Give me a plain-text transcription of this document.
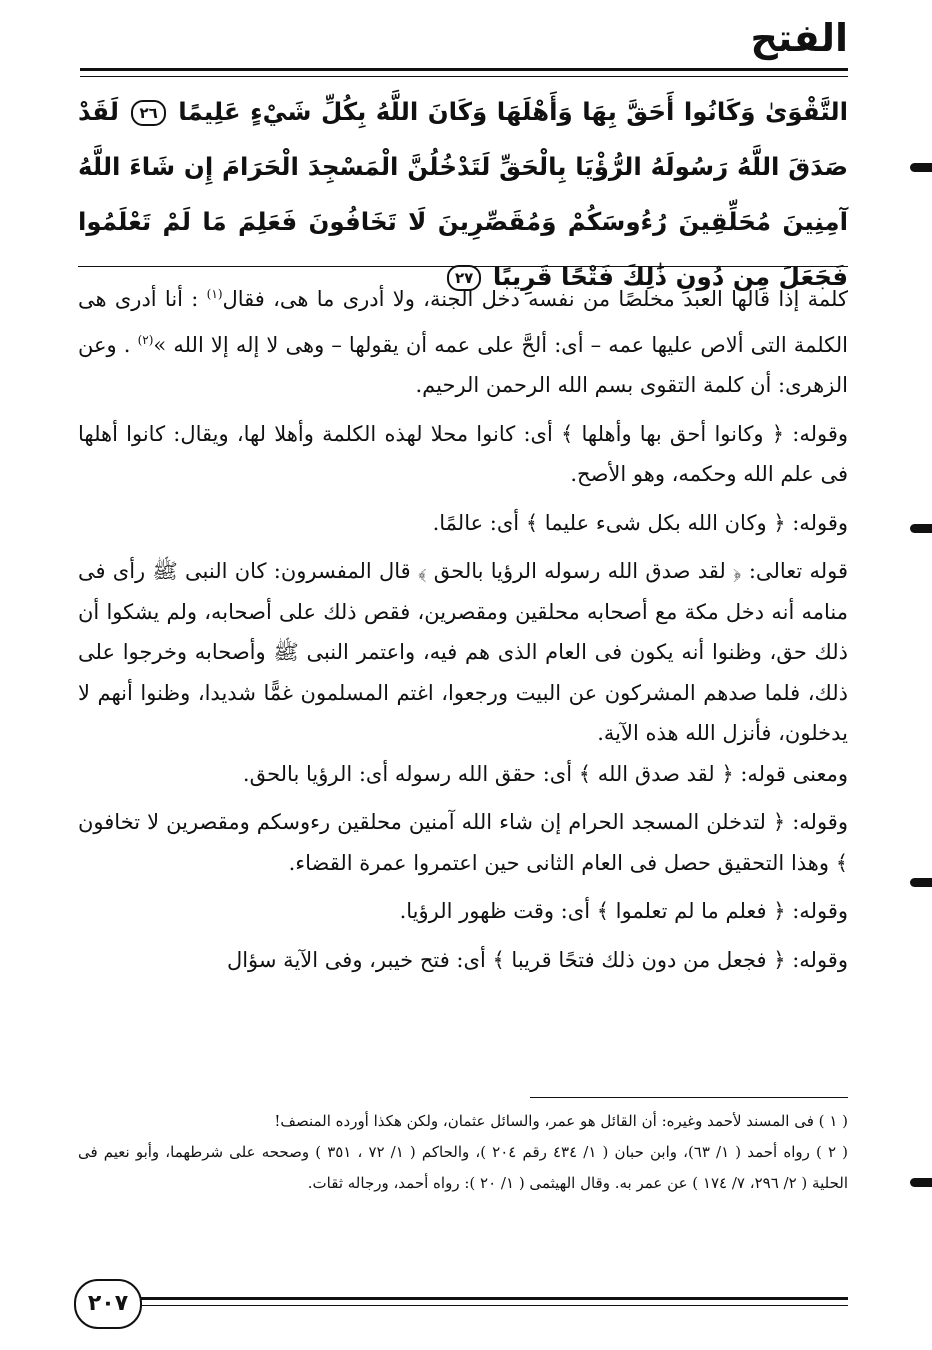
الفتح
التَّقْوَىٰ وَكَانُوا أَحَقَّ بِهَا وَأَهْلَهَا وَكَانَ اللَّهُ بِكُلِّ شَيْءٍ عَلِيمًا ٢٦ لَقَدْ صَدَقَ اللَّهُ رَسُولَهُ الرُّؤْيَا بِالْحَقِّ لَتَدْخُلُنَّ الْمَسْجِدَ الْحَرَامَ إِن شَاءَ اللَّهُ آمِنِينَ مُحَلِّقِينَ رُءُوسَكُمْ وَمُقَصِّرِينَ لَا تَخَافُونَ فَعَلِمَ مَا لَمْ تَعْلَمُوا فَجَعَلَ مِن دُونِ ذَٰلِكَ فَتْحًا قَرِيبًا ٢٧

كلمة إذا قالها العبد مخلصًا من نفسه دخل الجنة، ولا أدرى ما هى، فقال$^{(١)}$ : أنا أدرى هى الكلمة التى ألاص عليها عمه – أى: ألحَّ على عمه أن يقولها – وهى لا إله إلا الله »$^{(٢)}$ . وعن الزهرى: أن كلمة التقوى بسم الله الرحمن الرحيم.

وقوله: ﴿ وكانوا أحق بها وأهلها ﴾ أى: كانوا محلا لهذه الكلمة وأهلا لها، ويقال: كانوا أهلها فى علم الله وحكمه، وهو الأصح.

وقوله: ﴿ وكان الله بكل شىء عليما ﴾ أى: عالمًا.

قوله تعالى: ﴿ لقد صدق الله رسوله الرؤيا بالحق ﴾ قال المفسرون: كان النبى ﷺ رأى فى منامه أنه دخل مكة مع أصحابه محلقين ومقصرين، فقص ذلك على أصحابه، ولم يشكوا أن ذلك حق، وظنوا أنه يكون فى العام الذى هم فيه، واعتمر النبى ﷺ وأصحابه وخرجوا على ذلك، فلما صدهم المشركون عن البيت ورجعوا، اغتم المسلمون غمًّا شديدا، وظنوا أنهم لا يدخلون، فأنزل الله هذه الآية.

ومعنى قوله: ﴿ لقد صدق الله ﴾ أى: حقق الله رسوله أى: الرؤيا بالحق.

وقوله: ﴿ لتدخلن المسجد الحرام إن شاء الله آمنين محلقين رءوسكم ومقصرين لا تخافون ﴾ وهذا التحقيق حصل فى العام الثانى حين اعتمروا عمرة القضاء.

وقوله: ﴿ فعلم ما لم تعلموا ﴾ أى: وقت ظهور الرؤيا.

وقوله: ﴿ فجعل من دون ذلك فتحًا قريبا ﴾ أى: فتح خيبر، وفى الآية سؤال

( ١ ) فى المسند لأحمد وغيره: أن القائل هو عمر، والسائل عثمان، ولكن هكذا أورده المنصف!

( ٢ ) رواه أحمد ( ١/ ٦٣)، وابن حبان ( ١/ ٤٣٤ رقم ٢٠٤ )، والحاكم ( ١/ ٧٢ ، ٣٥١ ) وصححه على شرطهما، وأبو نعيم فى الحلية ( ٢/ ٢٩٦، ٧/ ١٧٤ ) عن عمر به. وقال الهيثمى ( ١/ ٢٠ ): رواه أحمد، ورجاله ثقات.

٢٠٧
